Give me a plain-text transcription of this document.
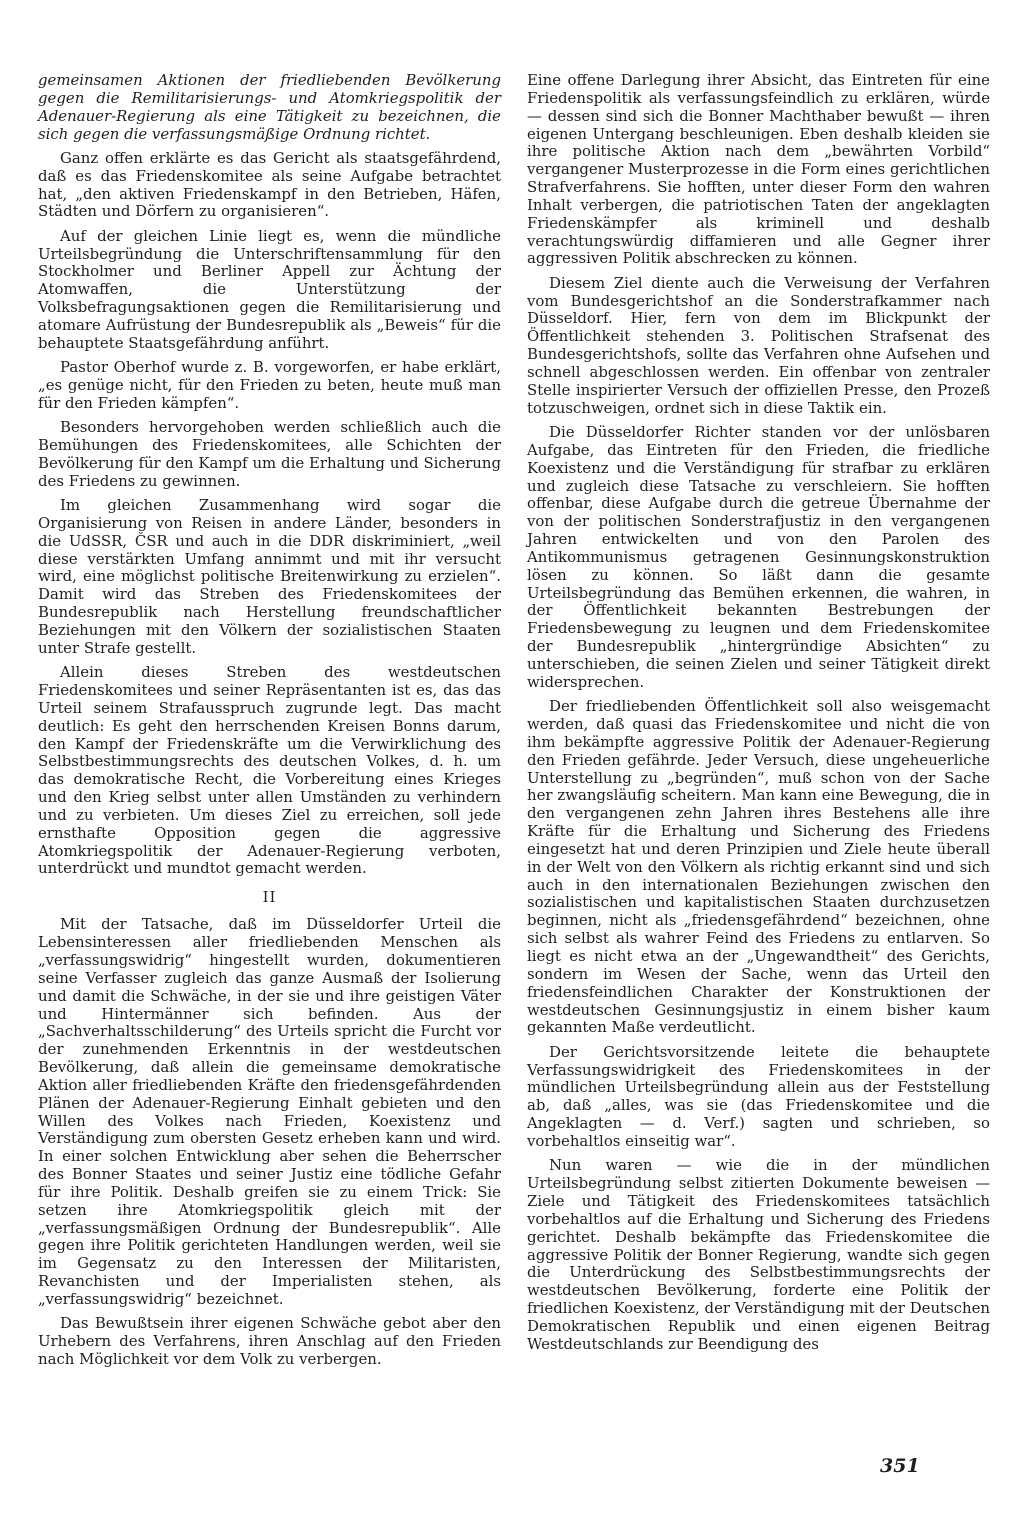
gemeinsamen Aktionen der friedliebenden Bevölkerung gegen die Remilitarisierungs- und Atomkriegspolitik der Adenauer-Regierung als eine Tätigkeit zu bezeichnen, die sich gegen die verfassungsmäßige Ordnung richtet.

Ganz offen erklärte es das Gericht als staatsgefährdend, daß es das Friedenskomitee als seine Aufgabe betrachtet hat, „den aktiven Friedenskampf in den Betrieben, Häfen, Städten und Dörfern zu organisieren“.

Auf der gleichen Linie liegt es, wenn die mündliche Urteilsbegründung die Unterschriftensammlung für den Stockholmer und Berliner Appell zur Ächtung der Atomwaffen, die Unterstützung der Volksbefragungsaktionen gegen die Remilitarisierung und atomare Aufrüstung der Bundesrepublik als „Beweis“ für die behauptete Staatsgefährdung anführt.

Pastor Oberhof wurde z. B. vorgeworfen, er habe erklärt, „es genüge nicht, für den Frieden zu beten, heute muß man für den Frieden kämpfen“.

Besonders hervorgehoben werden schließlich auch die Bemühungen des Friedenskomitees, alle Schichten der Bevölkerung für den Kampf um die Erhaltung und Sicherung des Friedens zu gewinnen.

Im gleichen Zusammenhang wird sogar die Organisierung von Reisen in andere Länder, besonders in die UdSSR, ČSR und auch in die DDR diskriminiert, „weil diese verstärkten Umfang annimmt und mit ihr versucht wird, eine möglichst politische Breitenwirkung zu erzielen“. Damit wird das Streben des Friedenskomitees der Bundesrepublik nach Herstellung freundschaftlicher Beziehungen mit den Völkern der sozialistischen Staaten unter Strafe gestellt.

Allein dieses Streben des westdeutschen Friedenskomitees und seiner Repräsentanten ist es, das das Urteil seinem Strafausspruch zugrunde legt. Das macht deutlich: Es geht den herrschenden Kreisen Bonns darum, den Kampf der Friedenskräfte um die Verwirklichung des Selbstbestimmungsrechts des deutschen Volkes, d. h. um das demokratische Recht, die Vorbereitung eines Krieges und den Krieg selbst unter allen Umständen zu verhindern und zu verbieten. Um dieses Ziel zu erreichen, soll jede ernsthafte Opposition gegen die aggressive Atomkriegspolitik der Adenauer-Regierung verboten, unterdrückt und mundtot gemacht werden.

II

Mit der Tatsache, daß im Düsseldorfer Urteil die Lebensinteressen aller friedliebenden Menschen als „verfassungswidrig“ hingestellt wurden, dokumentieren seine Verfasser zugleich das ganze Ausmaß der Isolierung und damit die Schwäche, in der sie und ihre geistigen Väter und Hintermänner sich befinden. Aus der „Sachverhaltsschilderung“ des Urteils spricht die Furcht vor der zunehmenden Erkenntnis in der westdeutschen Bevölkerung, daß allein die gemeinsame demokratische Aktion aller friedliebenden Kräfte den friedensgefährdenden Plänen der Adenauer-Regierung Einhalt gebieten und den Willen des Volkes nach Frieden, Koexistenz und Verständigung zum obersten Gesetz erheben kann und wird. In einer solchen Entwicklung aber sehen die Beherrscher des Bonner Staates und seiner Justiz eine tödliche Gefahr für ihre Politik. Deshalb greifen sie zu einem Trick: Sie setzen ihre Atomkriegspolitik gleich mit der „verfassungsmäßigen Ordnung der Bundesrepublik“. Alle gegen ihre Politik gerichteten Handlungen werden, weil sie im Gegensatz zu den Interessen der Militaristen, Revanchisten und der Imperialisten stehen, als „verfassungswidrig“ bezeichnet.

Das Bewußtsein ihrer eigenen Schwäche gebot aber den Urhebern des Verfahrens, ihren Anschlag auf den Frieden nach Möglichkeit vor dem Volk zu verbergen.

Eine offene Darlegung ihrer Absicht, das Eintreten für eine Friedenspolitik als verfassungsfeindlich zu erklären, würde — dessen sind sich die Bonner Machthaber bewußt — ihren eigenen Untergang beschleunigen. Eben deshalb kleiden sie ihre politische Aktion nach dem „bewährten Vorbild“ vergangener Musterprozesse in die Form eines gerichtlichen Strafverfahrens. Sie hofften, unter dieser Form den wahren Inhalt verbergen, die patriotischen Taten der angeklagten Friedenskämpfer als kriminell und deshalb verachtungswürdig diffamieren und alle Gegner ihrer aggressiven Politik abschrecken zu können.

Diesem Ziel diente auch die Verweisung der Verfahren vom Bundesgerichtshof an die Sonderstrafkammer nach Düsseldorf. Hier, fern von dem im Blickpunkt der Öffentlichkeit stehenden 3. Politischen Strafsenat des Bundesgerichtshofs, sollte das Verfahren ohne Aufsehen und schnell abgeschlossen werden. Ein offenbar von zentraler Stelle inspirierter Versuch der offiziellen Presse, den Prozeß totzuschweigen, ordnet sich in diese Taktik ein.

Die Düsseldorfer Richter standen vor der unlösbaren Aufgabe, das Eintreten für den Frieden, die friedliche Koexistenz und die Verständigung für strafbar zu erklären und zugleich diese Tatsache zu verschleiern. Sie hofften offenbar, diese Aufgabe durch die getreue Übernahme der von der politischen Sonderstrafjustiz in den vergangenen Jahren entwickelten und von den Parolen des Antikommunismus getragenen Gesinnungskonstruktion lösen zu können. So läßt dann die gesamte Urteilsbegründung das Bemühen erkennen, die wahren, in der Öffentlichkeit bekannten Bestrebungen der Friedensbewegung zu leugnen und dem Friedenskomitee der Bundesrepublik „hintergründige Absichten“ zu unterschieben, die seinen Zielen und seiner Tätigkeit direkt widersprechen.

Der friedliebenden Öffentlichkeit soll also weisgemacht werden, daß quasi das Friedenskomitee und nicht die von ihm bekämpfte aggressive Politik der Adenauer-Regierung den Frieden gefährde. Jeder Versuch, diese ungeheuerliche Unterstellung zu „begründen“, muß schon von der Sache her zwangsläufig scheitern. Man kann eine Bewegung, die in den vergangenen zehn Jahren ihres Bestehens alle ihre Kräfte für die Erhaltung und Sicherung des Friedens eingesetzt hat und deren Prinzipien und Ziele heute überall in der Welt von den Völkern als richtig erkannt sind und sich auch in den internationalen Beziehungen zwischen den sozialistischen und kapitalistischen Staaten durchzusetzen beginnen, nicht als „friedensgefährdend“ bezeichnen, ohne sich selbst als wahrer Feind des Friedens zu entlarven. So liegt es nicht etwa an der „Ungewandtheit“ des Gerichts, sondern im Wesen der Sache, wenn das Urteil den friedensfeindlichen Charakter der Konstruktionen der westdeutschen Gesinnungsjustiz in einem bisher kaum gekannten Maße verdeutlicht.

Der Gerichtsvorsitzende leitete die behauptete Verfassungswidrigkeit des Friedenskomitees in der mündlichen Urteilsbegründung allein aus der Feststellung ab, daß „alles, was sie (das Friedenskomitee und die Angeklagten — d. Verf.) sagten und schrieben, so vorbehaltlos einseitig war“.

Nun waren — wie die in der mündlichen Urteilsbegründung selbst zitierten Dokumente beweisen — Ziele und Tätigkeit des Friedenskomitees tatsächlich vorbehaltlos auf die Erhaltung und Sicherung des Friedens gerichtet. Deshalb bekämpfte das Friedenskomitee die aggressive Politik der Bonner Regierung, wandte sich gegen die Unterdrückung des Selbstbestimmungsrechts der westdeutschen Bevölkerung, forderte eine Politik der friedlichen Koexistenz, der Verständigung mit der Deutschen Demokratischen Republik und einen eigenen Beitrag Westdeutschlands zur Beendigung des

351
